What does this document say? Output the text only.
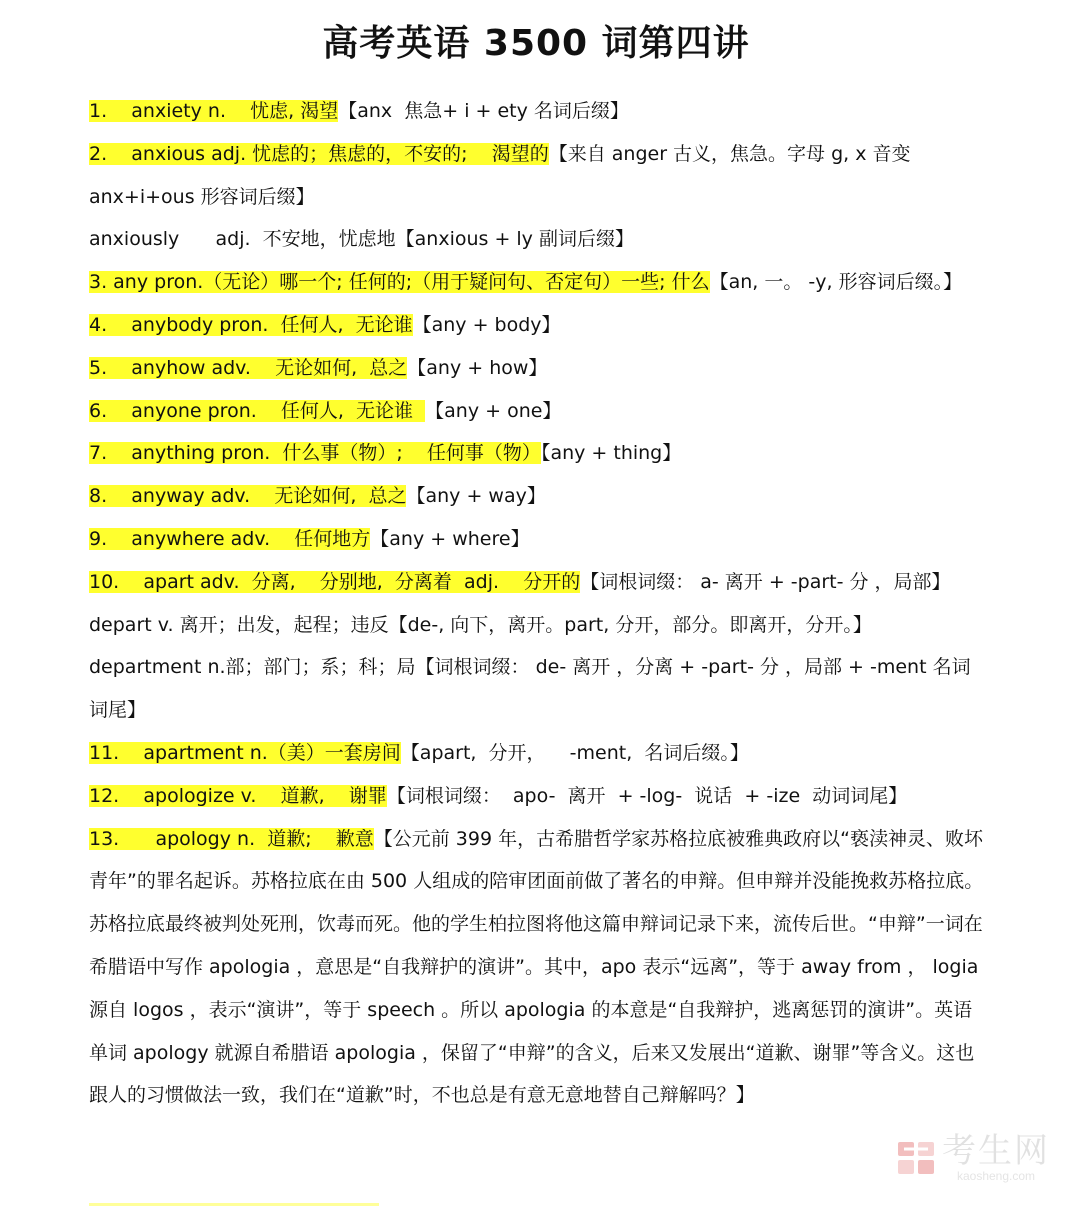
高考英语 3500 词第四讲

1.    anxiety n.    忧虑, 渴望【anx  焦急+ i + ety 名词后缀】

2.    anxious adj. 忧虑的；焦虑的，不安的;    渴望的【来自 anger 古义，焦急。字母 g, x 音变 anx+i+ous 形容词后缀】

anxiously      adj.  不安地，忧虑地【anxious + ly 副词后缀】

3. any pron.（无论）哪一个; 任何的;（用于疑问句、否定句）一些; 什么【an, 一。 -y, 形容词后缀。】

4.    anybody pron.  任何人,  无论谁【any + body】

5.    anyhow adv.    无论如何,  总之【any + how】

6.    anyone pron.    任何人,  无论谁  【any + one】

7.    anything pron.  什么事（物）;    任何事（物）【any + thing】

8.    anyway adv.    无论如何,  总之【any + way】

9.    anywhere adv.    任何地方【any + where】

10.    apart adv.  分离,    分别地,  分离着  adj.    分开的【词根词缀： a- 离开 + -part- 分 ，局部】

depart v. 离开；出发，起程；违反【de-, 向下，离开。part, 分开，部分。即离开，分开。】

department n.部；部门；系；科；局【词根词缀： de- 离开 ，分离 + -part- 分 ，局部 + -ment 名词词尾】

11.    apartment n.（美）一套房间【apart,  分开，    -ment,  名词后缀。】

12.    apologize v.    道歉,    谢罪【词根词缀：  apo-  离开  + -log-  说话  + -ize  动词词尾】

13.      apology n.  道歉;    歉意【公元前 399 年，古希腊哲学家苏格拉底被雅典政府以“亵渎神灵、败坏青年”的罪名起诉。苏格拉底在由 500 人组成的陪审团面前做了著名的申辩。但申辩并没能挽救苏格拉底。苏格拉底最终被判处死刑，饮毒而死。他的学生柏拉图将他这篇申辩词记录下来，流传后世。“申辩”一词在希腊语中写作 apologia ，意思是“自我辩护的演讲”。其中，apo 表示“远离”，等于 away from ， logia 源自 logos ，表示“演讲”，等于 speech 。所以 apologia 的本意是“自我辩护，逃离惩罚的演讲”。英语单词 apology 就源自希腊语 apologia ，保留了“申辩”的含义，后来又发展出“道歉、谢罪”等含义。这也跟人的习惯做法一致，我们在“道歉”时，不也总是有意无意地替自己辩解吗？】

考生网
kaosheng.com
